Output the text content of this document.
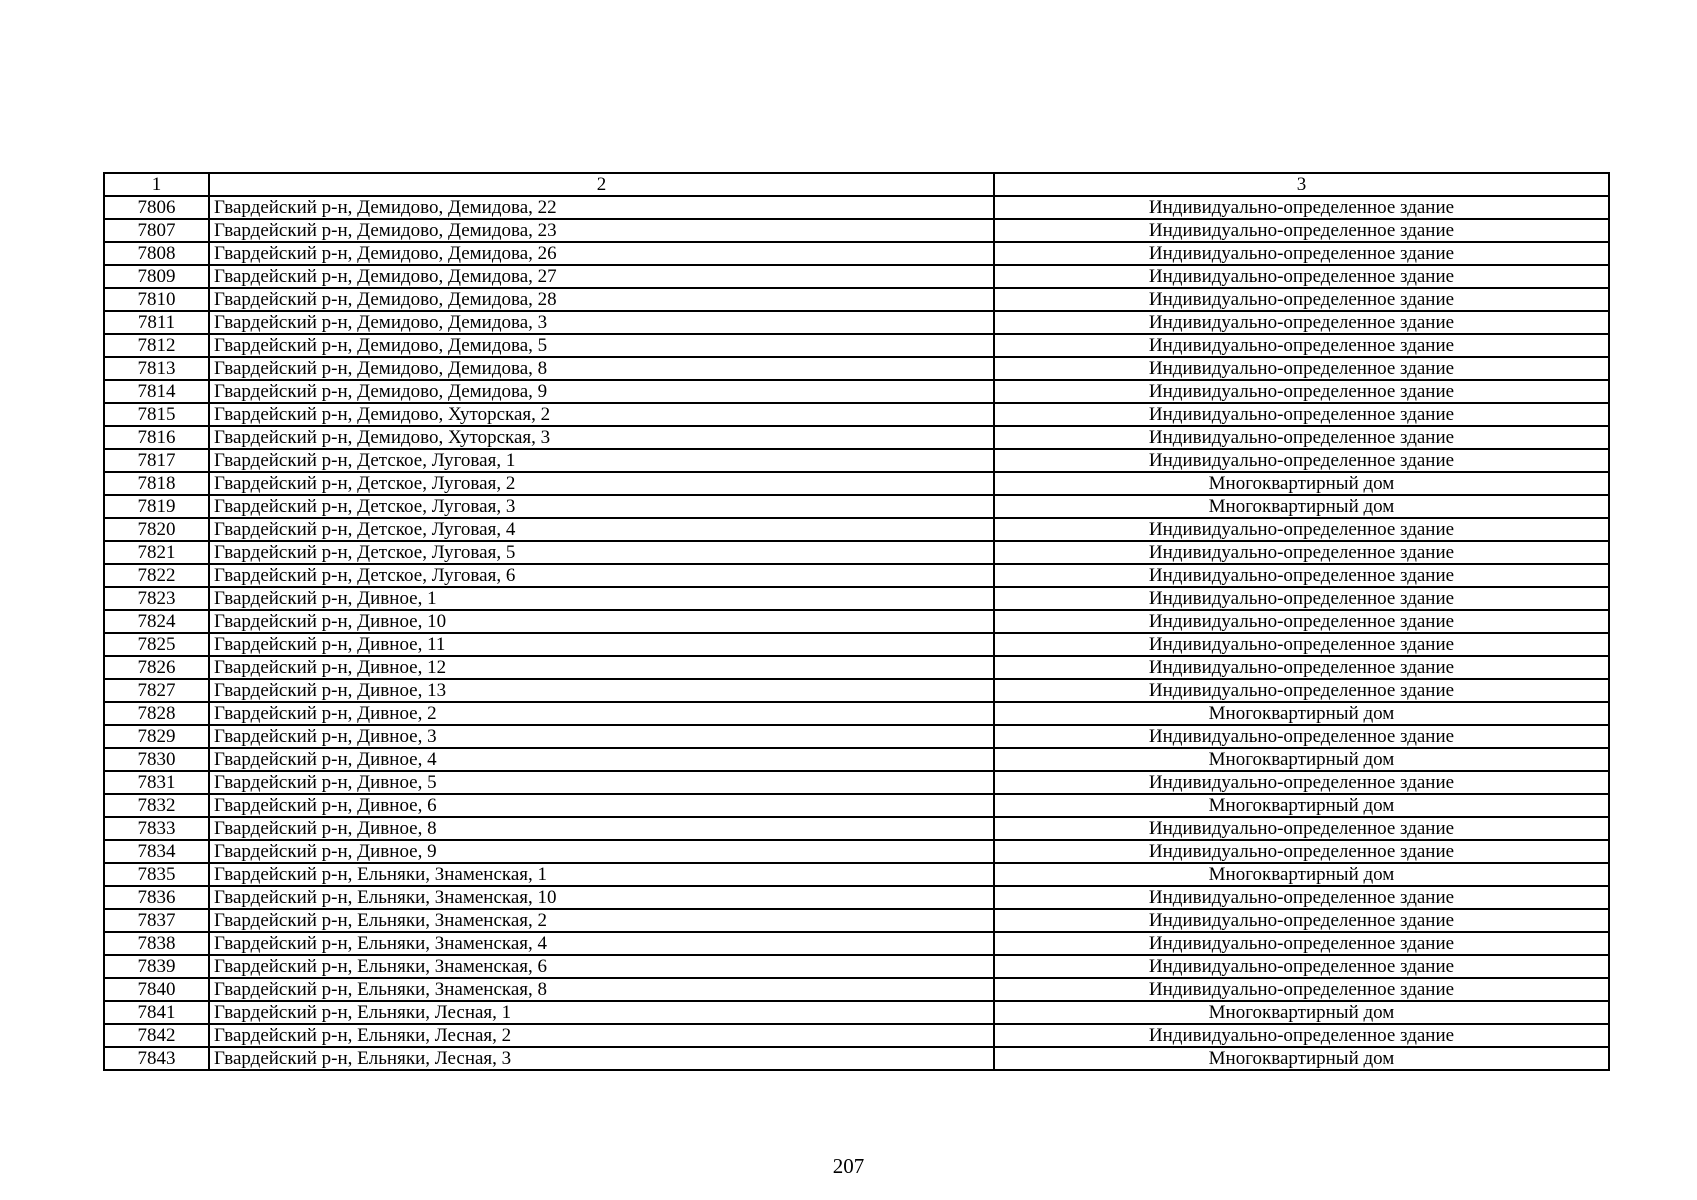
1	2	3
7806	Гвардейский р-н, Демидово, Демидова, 22	Индивидуально-определенное здание
7807	Гвардейский р-н, Демидово, Демидова, 23	Индивидуально-определенное здание
7808	Гвардейский р-н, Демидово, Демидова, 26	Индивидуально-определенное здание
7809	Гвардейский р-н, Демидово, Демидова, 27	Индивидуально-определенное здание
7810	Гвардейский р-н, Демидово, Демидова, 28	Индивидуально-определенное здание
7811	Гвардейский р-н, Демидово, Демидова, 3	Индивидуально-определенное здание
7812	Гвардейский р-н, Демидово, Демидова, 5	Индивидуально-определенное здание
7813	Гвардейский р-н, Демидово, Демидова, 8	Индивидуально-определенное здание
7814	Гвардейский р-н, Демидово, Демидова, 9	Индивидуально-определенное здание
7815	Гвардейский р-н, Демидово, Хуторская, 2	Индивидуально-определенное здание
7816	Гвардейский р-н, Демидово, Хуторская, 3	Индивидуально-определенное здание
7817	Гвардейский р-н, Детское, Луговая, 1	Индивидуально-определенное здание
7818	Гвардейский р-н, Детское, Луговая, 2	Многоквартирный дом
7819	Гвардейский р-н, Детское, Луговая, 3	Многоквартирный дом
7820	Гвардейский р-н, Детское, Луговая, 4	Индивидуально-определенное здание
7821	Гвардейский р-н, Детское, Луговая, 5	Индивидуально-определенное здание
7822	Гвардейский р-н, Детское, Луговая, 6	Индивидуально-определенное здание
7823	Гвардейский р-н, Дивное, 1	Индивидуально-определенное здание
7824	Гвардейский р-н, Дивное, 10	Индивидуально-определенное здание
7825	Гвардейский р-н, Дивное, 11	Индивидуально-определенное здание
7826	Гвардейский р-н, Дивное, 12	Индивидуально-определенное здание
7827	Гвардейский р-н, Дивное, 13	Индивидуально-определенное здание
7828	Гвардейский р-н, Дивное, 2	Многоквартирный дом
7829	Гвардейский р-н, Дивное, 3	Индивидуально-определенное здание
7830	Гвардейский р-н, Дивное, 4	Многоквартирный дом
7831	Гвардейский р-н, Дивное, 5	Индивидуально-определенное здание
7832	Гвардейский р-н, Дивное, 6	Многоквартирный дом
7833	Гвардейский р-н, Дивное, 8	Индивидуально-определенное здание
7834	Гвардейский р-н, Дивное, 9	Индивидуально-определенное здание
7835	Гвардейский р-н, Ельняки, Знаменская, 1	Многоквартирный дом
7836	Гвардейский р-н, Ельняки, Знаменская, 10	Индивидуально-определенное здание
7837	Гвардейский р-н, Ельняки, Знаменская, 2	Индивидуально-определенное здание
7838	Гвардейский р-н, Ельняки, Знаменская, 4	Индивидуально-определенное здание
7839	Гвардейский р-н, Ельняки, Знаменская, 6	Индивидуально-определенное здание
7840	Гвардейский р-н, Ельняки, Знаменская, 8	Индивидуально-определенное здание
7841	Гвардейский р-н, Ельняки, Лесная, 1	Многоквартирный дом
7842	Гвардейский р-н, Ельняки, Лесная, 2	Индивидуально-определенное здание
7843	Гвардейский р-н, Ельняки, Лесная, 3	Многоквартирный дом
207
